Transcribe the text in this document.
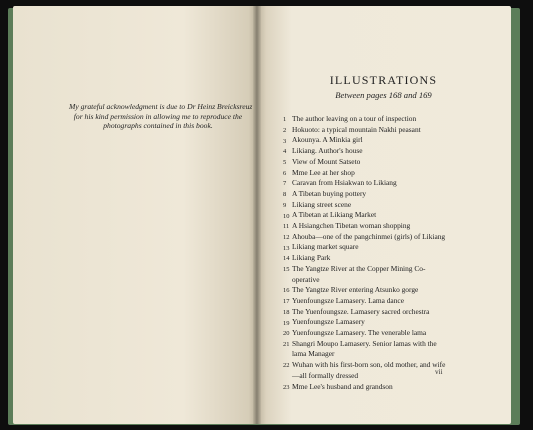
My grateful acknowledgment is due to Dr Heinz Breicksreuz
for his kind permission in allowing me to reproduce the
photographs contained in this book.
ILLUSTRATIONS
Between pages 168 and 169
1 The author leaving on a tour of inspection
2 Hokuoto: a typical mountain Nakhi peasant
3 Akounya. A Minkia girl
4 Likiang. Author's house
5 View of Mount Satseto
6 Mme Lee at her shop
7 Caravan from Hsiakwan to Likiang
8 A Tibetan buying pottery
9 Likiang street scene
10 A Tibetan at Likiang Market
11 A Hsiangchen Tibetan woman shopping
12 Ahouba—one of the pangchinmei (girls) of Likiang
13 Likiang market square
14 Likiang Park
15 The Yangtze River at the Copper Mining Co-
operative
16 The Yangtze River entering Atsunko gorge
17 Yuenfoungsze Lamasery. Lama dance
18 The Yuenfoungsze. Lamasery sacred orchestra
19 Yuenfoungsze Lamasery
20 Yuenfoungsze Lamasery. The venerable lama
21 Shangri Moupo Lamasery. Senior lamas with the
lama Manager
22 Wuhan with his first-born son, old mother, and wife
—all formally dressed
23 Mme Lee's husband and grandson
vii
